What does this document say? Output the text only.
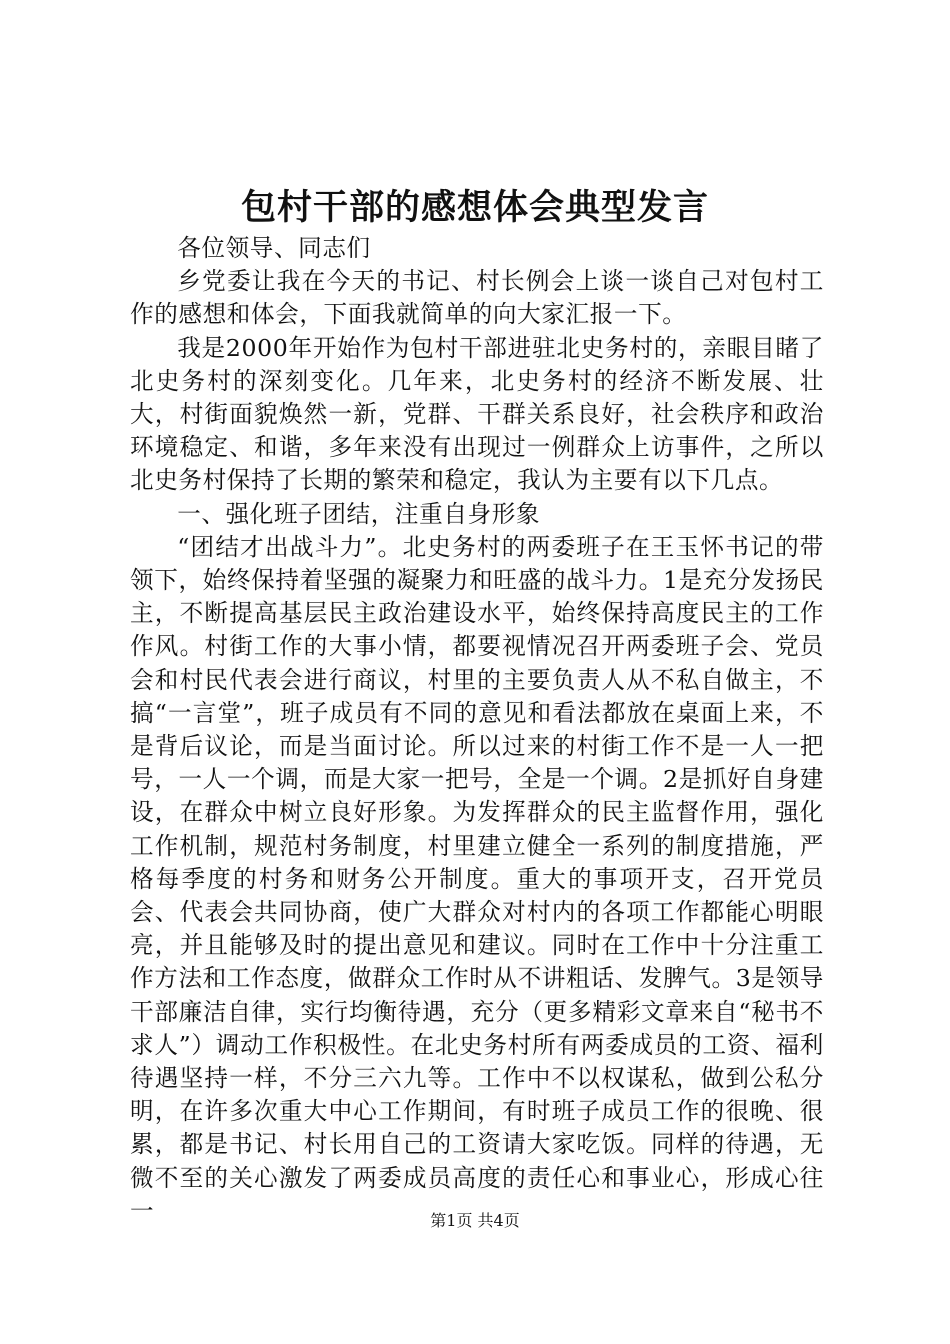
包村干部的感想体会典型发言

各位领导、同志们

乡党委让我在今天的书记、村长例会上谈一谈自己对包村工作的感想和体会，下面我就简单的向大家汇报一下。

我是2000年开始作为包村干部进驻北史务村的，亲眼目睹了北史务村的深刻变化。几年来，北史务村的经济不断发展、壮大，村街面貌焕然一新，党群、干群关系良好，社会秩序和政治环境稳定、和谐，多年来没有出现过一例群众上访事件，之所以北史务村保持了长期的繁荣和稳定，我认为主要有以下几点。

一、强化班子团结，注重自身形象

“团结才出战斗力”。北史务村的两委班子在王玉怀书记的带领下，始终保持着坚强的凝聚力和旺盛的战斗力。1是充分发扬民主，不断提高基层民主政治建设水平，始终保持高度民主的工作作风。村街工作的大事小情，都要视情况召开两委班子会、党员会和村民代表会进行商议，村里的主要负责人从不私自做主，不搞“一言堂”，班子成员有不同的意见和看法都放在桌面上来，不是背后议论，而是当面讨论。所以过来的村街工作不是一人一把号，一人一个调，而是大家一把号，全是一个调。2是抓好自身建设，在群众中树立良好形象。为发挥群众的民主监督作用，强化工作机制，规范村务制度，村里建立健全一系列的制度措施，严格每季度的村务和财务公开制度。重大的事项开支，召开党员会、代表会共同协商，使广大群众对村内的各项工作都能心明眼亮，并且能够及时的提出意见和建议。同时在工作中十分注重工作方法和工作态度，做群众工作时从不讲粗话、发脾气。3是领导干部廉洁自律，实行均衡待遇，充分（更多精彩文章来自“秘书不求人”）调动工作积极性。在北史务村所有两委成员的工资、福利待遇坚持一样，不分三六九等。工作中不以权谋私，做到公私分明，在许多次重大中心工作期间，有时班子成员工作的很晚、很累，都是书记、村长用自己的工资请大家吃饭。同样的待遇，无微不至的关心激发了两委成员高度的责任心和事业心，形成心往一	第1页 共4页
